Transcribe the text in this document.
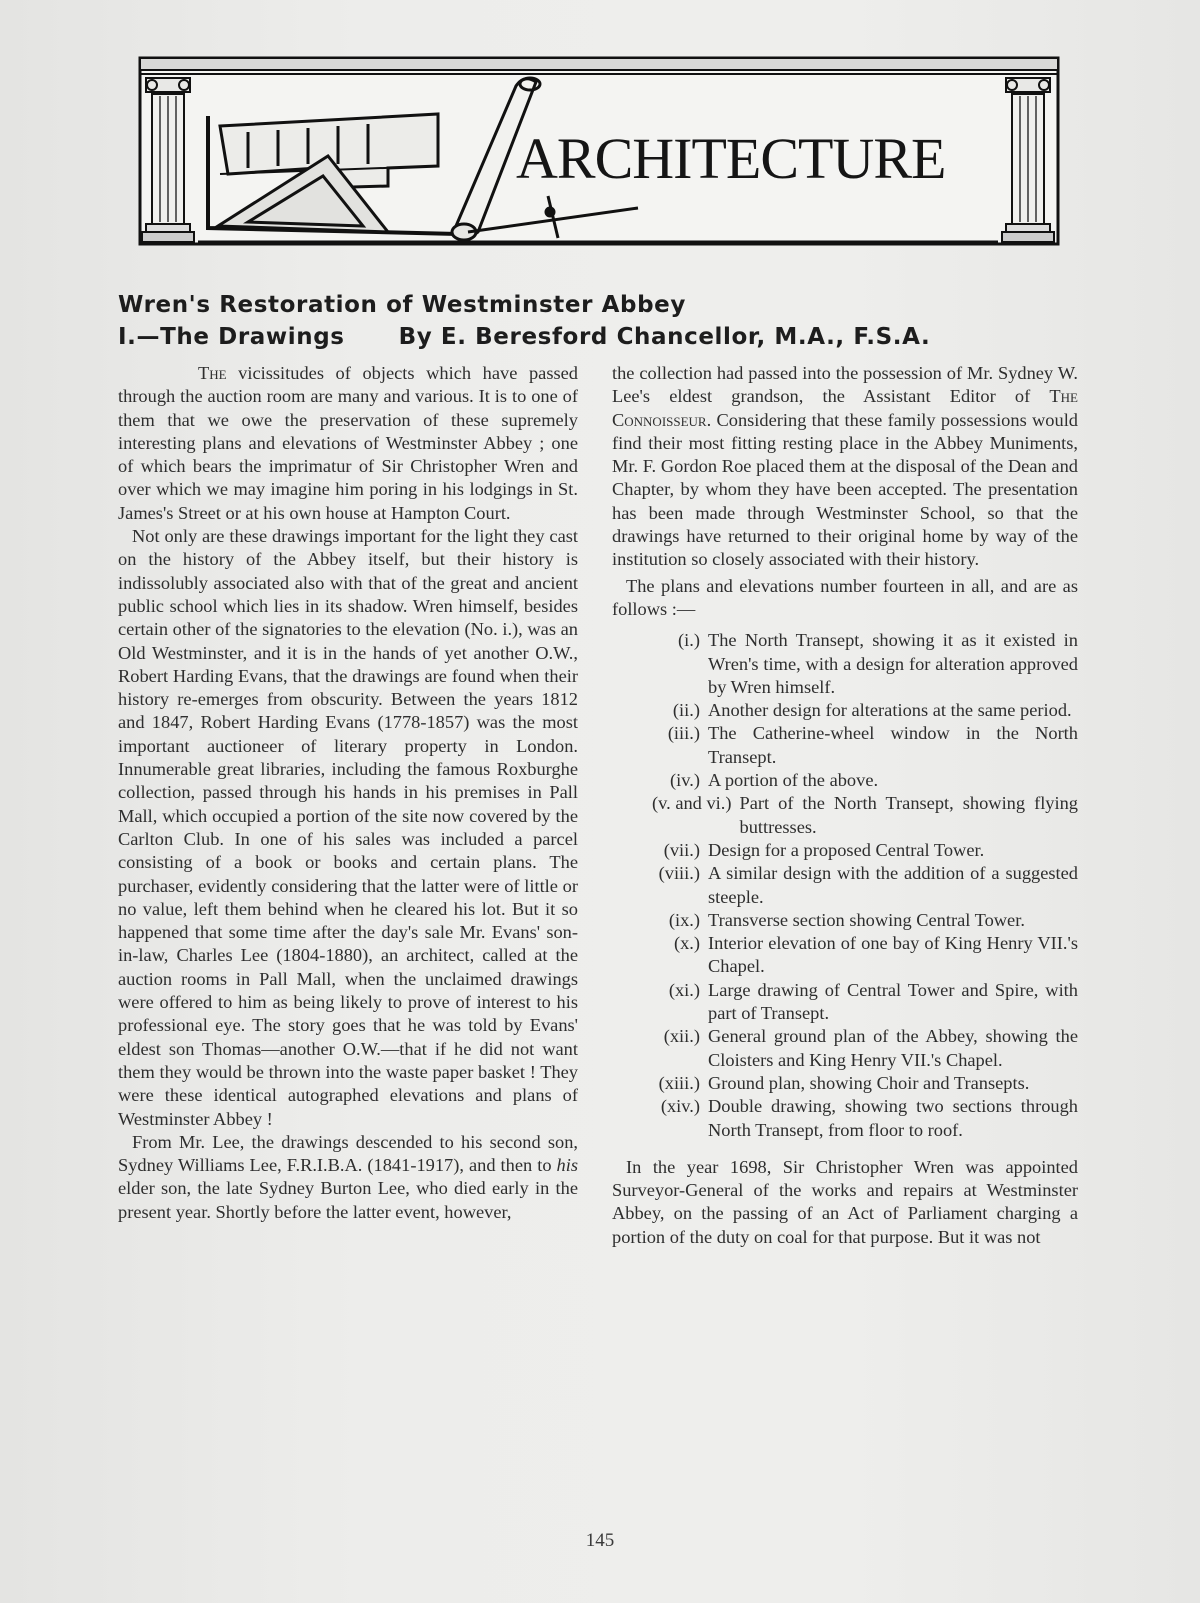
ARCHITECTURE
Wren's Restoration of Westminster Abbey
I.—The Drawings By E. Beresford Chancellor, M.A., F.S.A.

The vicissitudes of objects which have passed through the auction room are many and various. It is to one of them that we owe the preservation of these supremely interesting plans and elevations of Westminster Abbey ; one of which bears the imprimatur of Sir Christopher Wren and over which we may imagine him poring in his lodgings in St. James's Street or at his own house at Hampton Court.

Not only are these drawings important for the light they cast on the history of the Abbey itself, but their history is indissolubly associated also with that of the great and ancient public school which lies in its shadow. Wren himself, besides certain other of the signatories to the elevation (No. i.), was an Old Westminster, and it is in the hands of yet another O.W., Robert Harding Evans, that the drawings are found when their history re-emerges from obscurity. Between the years 1812 and 1847, Robert Harding Evans (1778-1857) was the most important auctioneer of literary property in London. Innumerable great libraries, including the famous Roxburghe collection, passed through his hands in his premises in Pall Mall, which occupied a portion of the site now covered by the Carlton Club. In one of his sales was included a parcel consisting of a book or books and certain plans. The purchaser, evidently considering that the latter were of little or no value, left them behind when he cleared his lot. But it so happened that some time after the day's sale Mr. Evans' son-in-law, Charles Lee (1804-1880), an architect, called at the auction rooms in Pall Mall, when the unclaimed drawings were offered to him as being likely to prove of interest to his professional eye. The story goes that he was told by Evans' eldest son Thomas—another O.W.—that if he did not want them they would be thrown into the waste paper basket ! They were these identical autographed elevations and plans of Westminster Abbey !

From Mr. Lee, the drawings descended to his second son, Sydney Williams Lee, F.R.I.B.A. (1841-1917), and then to his elder son, the late Sydney Burton Lee, who died early in the present year. Shortly before the latter event, however,

the collection had passed into the possession of Mr. Sydney W. Lee's eldest grandson, the Assistant Editor of The Connoisseur. Considering that these family possessions would find their most fitting resting place in the Abbey Muniments, Mr. F. Gordon Roe placed them at the disposal of the Dean and Chapter, by whom they have been accepted. The presentation has been made through Westminster School, so that the drawings have returned to their original home by way of the institution so closely associated with their history.

The plans and elevations number fourteen in all, and are as follows :—

(i.) The North Transept, showing it as it existed in Wren's time, with a design for alteration approved by Wren himself.
(ii.) Another design for alterations at the same period.
(iii.) The Catherine-wheel window in the North Transept.
(iv.) A portion of the above.
(v. and vi.) Part of the North Transept, showing flying buttresses.
(vii.) Design for a proposed Central Tower.
(viii.) A similar design with the addition of a suggested steeple.
(ix.) Transverse section showing Central Tower.
(x.) Interior elevation of one bay of King Henry VII.'s Chapel.
(xi.) Large drawing of Central Tower and Spire, with part of Transept.
(xii.) General ground plan of the Abbey, showing the Cloisters and King Henry VII.'s Chapel.
(xiii.) Ground plan, showing Choir and Transepts.
(xiv.) Double drawing, showing two sections through North Transept, from floor to roof.

In the year 1698, Sir Christopher Wren was appointed Surveyor-General of the works and repairs at Westminster Abbey, on the passing of an Act of Parliament charging a portion of the duty on coal for that purpose. But it was not

145
